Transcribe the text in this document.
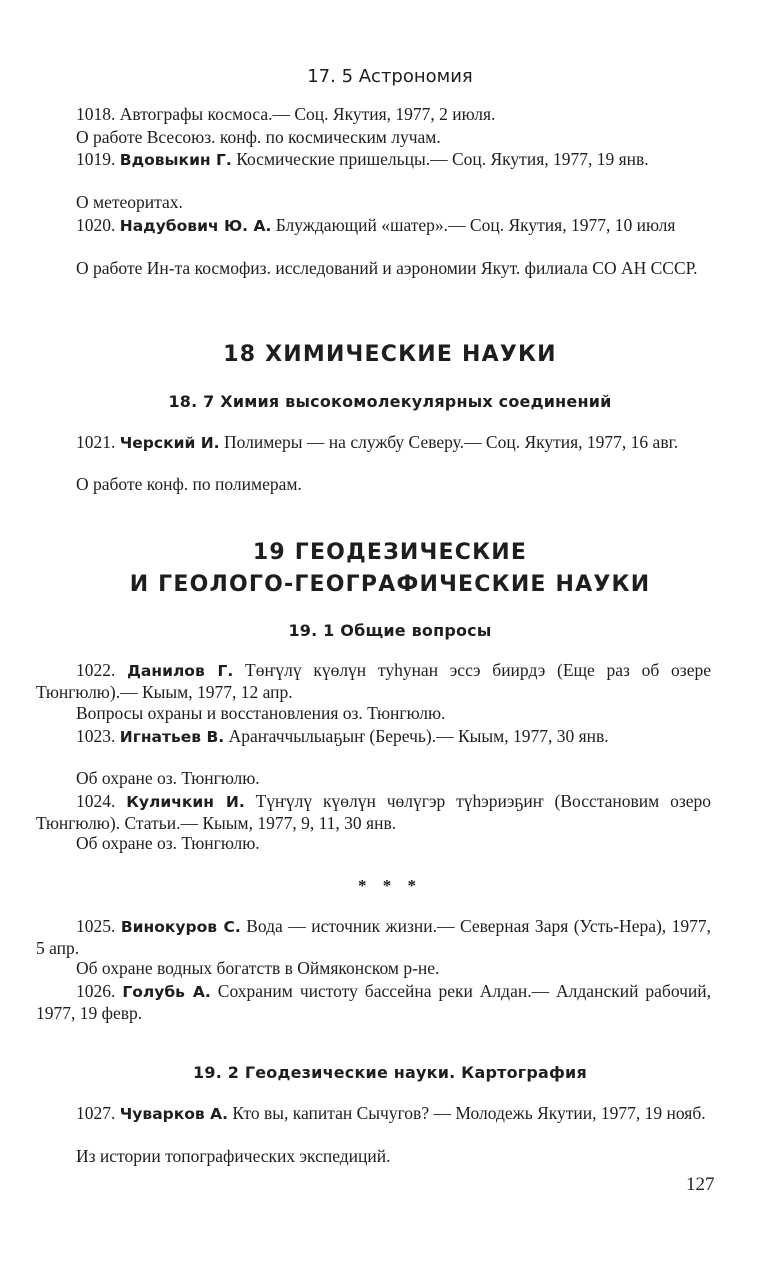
17. 5 Астрономия

1018. Автографы космоса.— Соц. Якутия, 1977, 2 июля.

О работе Всесоюз. конф. по космическим лучам.

1019. Вдовыкин Г. Космические пришельцы.— Соц. Якутия, 1977, 19 янв.

О метеоритах.

1020. Надубович Ю. А. Блуждающий «шатер».— Соц. Якутия, 1977, 10 июля

О работе Ин-та космофиз. исследований и аэрономии Якут. филиала СО АН СССР.

18 ХИМИЧЕСКИЕ НАУКИ
18. 7 Химия высокомолекулярных соединений

1021. Черский И. Полимеры — на службу Северу.— Соц. Якутия, 1977, 16 авг.

О работе конф. по полимерам.

19 ГЕОДЕЗИЧЕСКИЕ
И ГЕОЛОГО-ГЕОГРАФИЧЕСКИЕ НАУКИ
19. 1 Общие вопросы

1022. Данилов Г. Төҥүлү күөлүн туһунан эссэ биирдэ (Еще раз об озере Тюнгюлю).— Кыым, 1977, 12 апр.

Вопросы охраны и восстановления оз. Тюнгюлю.

1023. Игнатьев В. Араҥаччылыаҕыҥ (Беречь).— Кыым, 1977, 30 янв.

Об охране оз. Тюнгюлю.

1024. Куличкин И. Түҥүлү күөлүн чөлүгэр түһэриэҕиҥ (Восстановим озеро Тюнгюлю). Статьи.— Кыым, 1977, 9, 11, 30 янв.

Об охране оз. Тюнгюлю.

* * *

1025. Винокуров С. Вода — источник жизни.— Северная Заря (Усть-Нера), 1977, 5 апр.

Об охране водных богатств в Оймяконском р-не.

1026. Голубь А. Сохраним чистоту бассейна реки Алдан.— Алданский рабочий, 1977, 19 февр.

19. 2 Геодезические науки. Картография

1027. Чуварков А. Кто вы, капитан Сычугов? — Молодежь Якутии, 1977, 19 нояб.

Из истории топографических экспедиций.

127
